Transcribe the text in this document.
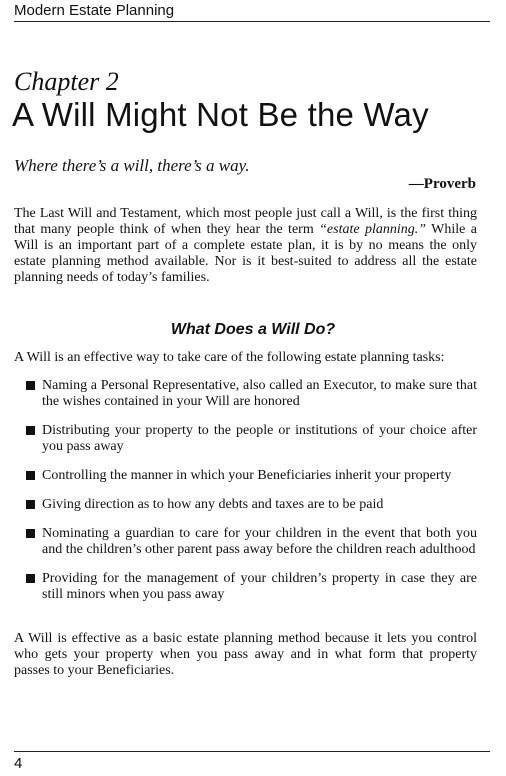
Modern Estate Planning
Chapter 2
A Will Might Not Be the Way
Where there’s a will, there’s a way.
—Proverb

The Last Will and Testament, which most people just call a Will, is the first thing that many people think of when they hear the term “estate planning.” While a Will is an important part of a complete estate plan, it is by no means the only estate planning method available. Nor is it best-suited to address all the estate planning needs of today’s families.

What Does a Will Do?

A Will is an effective way to take care of the following estate planning tasks:

Naming a Personal Representative, also called an Executor, to make sure that the wishes contained in your Will are honored
Distributing your property to the people or institutions of your choice after you pass away
Controlling the manner in which your Beneficiaries inherit your property
Giving direction as to how any debts and taxes are to be paid
Nominating a guardian to care for your children in the event that both you and the children’s other parent pass away before the children reach adulthood
Providing for the management of your children’s property in case they are still minors when you pass away

A Will is effective as a basic estate planning method because it lets you control who gets your property when you pass away and in what form that property passes to your Beneficiaries.

4
